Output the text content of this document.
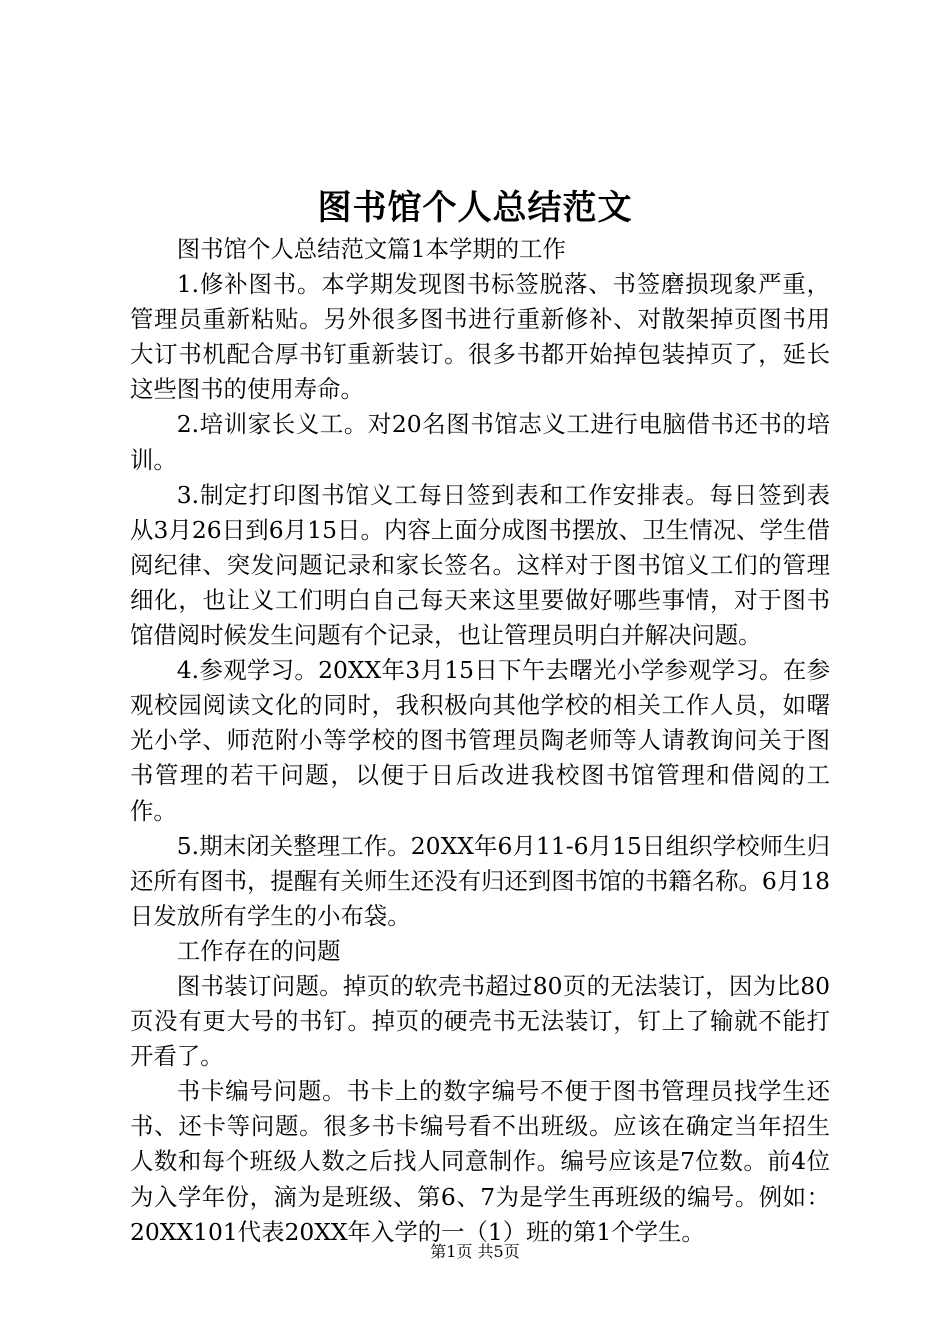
图书馆个人总结范文

图书馆个人总结范文篇1本学期的工作

1.修补图书。本学期发现图书标签脱落、书签磨损现象严重，管理员重新粘贴。另外很多图书进行重新修补、对散架掉页图书用大订书机配合厚书钉重新装订。很多书都开始掉包装掉页了，延长这些图书的使用寿命。

2.培训家长义工。对20名图书馆志义工进行电脑借书还书的培训。

3.制定打印图书馆义工每日签到表和工作安排表。每日签到表从3月26日到6月15日。内容上面分成图书摆放、卫生情况、学生借阅纪律、突发问题记录和家长签名。这样对于图书馆义工们的管理细化，也让义工们明白自己每天来这里要做好哪些事情，对于图书馆借阅时候发生问题有个记录，也让管理员明白并解决问题。

4.参观学习。20XX年3月15日下午去曙光小学参观学习。在参观校园阅读文化的同时，我积极向其他学校的相关工作人员，如曙光小学、师范附小等学校的图书管理员陶老师等人请教询问关于图书管理的若干问题，以便于日后改进我校图书馆管理和借阅的工作。

5.期末闭关整理工作。20XX年6月11-6月15日组织学校师生归还所有图书，提醒有关师生还没有归还到图书馆的书籍名称。6月18日发放所有学生的小布袋。

工作存在的问题

图书装订问题。掉页的软壳书超过80页的无法装订，因为比80页没有更大号的书钉。掉页的硬壳书无法装订，钉上了输就不能打开看了。

书卡编号问题。书卡上的数字编号不便于图书管理员找学生还书、还卡等问题。很多书卡编号看不出班级。应该在确定当年招生人数和每个班级人数之后找人同意制作。编号应该是7位数。前4位为入学年份，滴为是班级、第6、7为是学生再班级的编号。例如：20XX101代表20XX年入学的一（1）班的第1个学生。

第1页 共5页
